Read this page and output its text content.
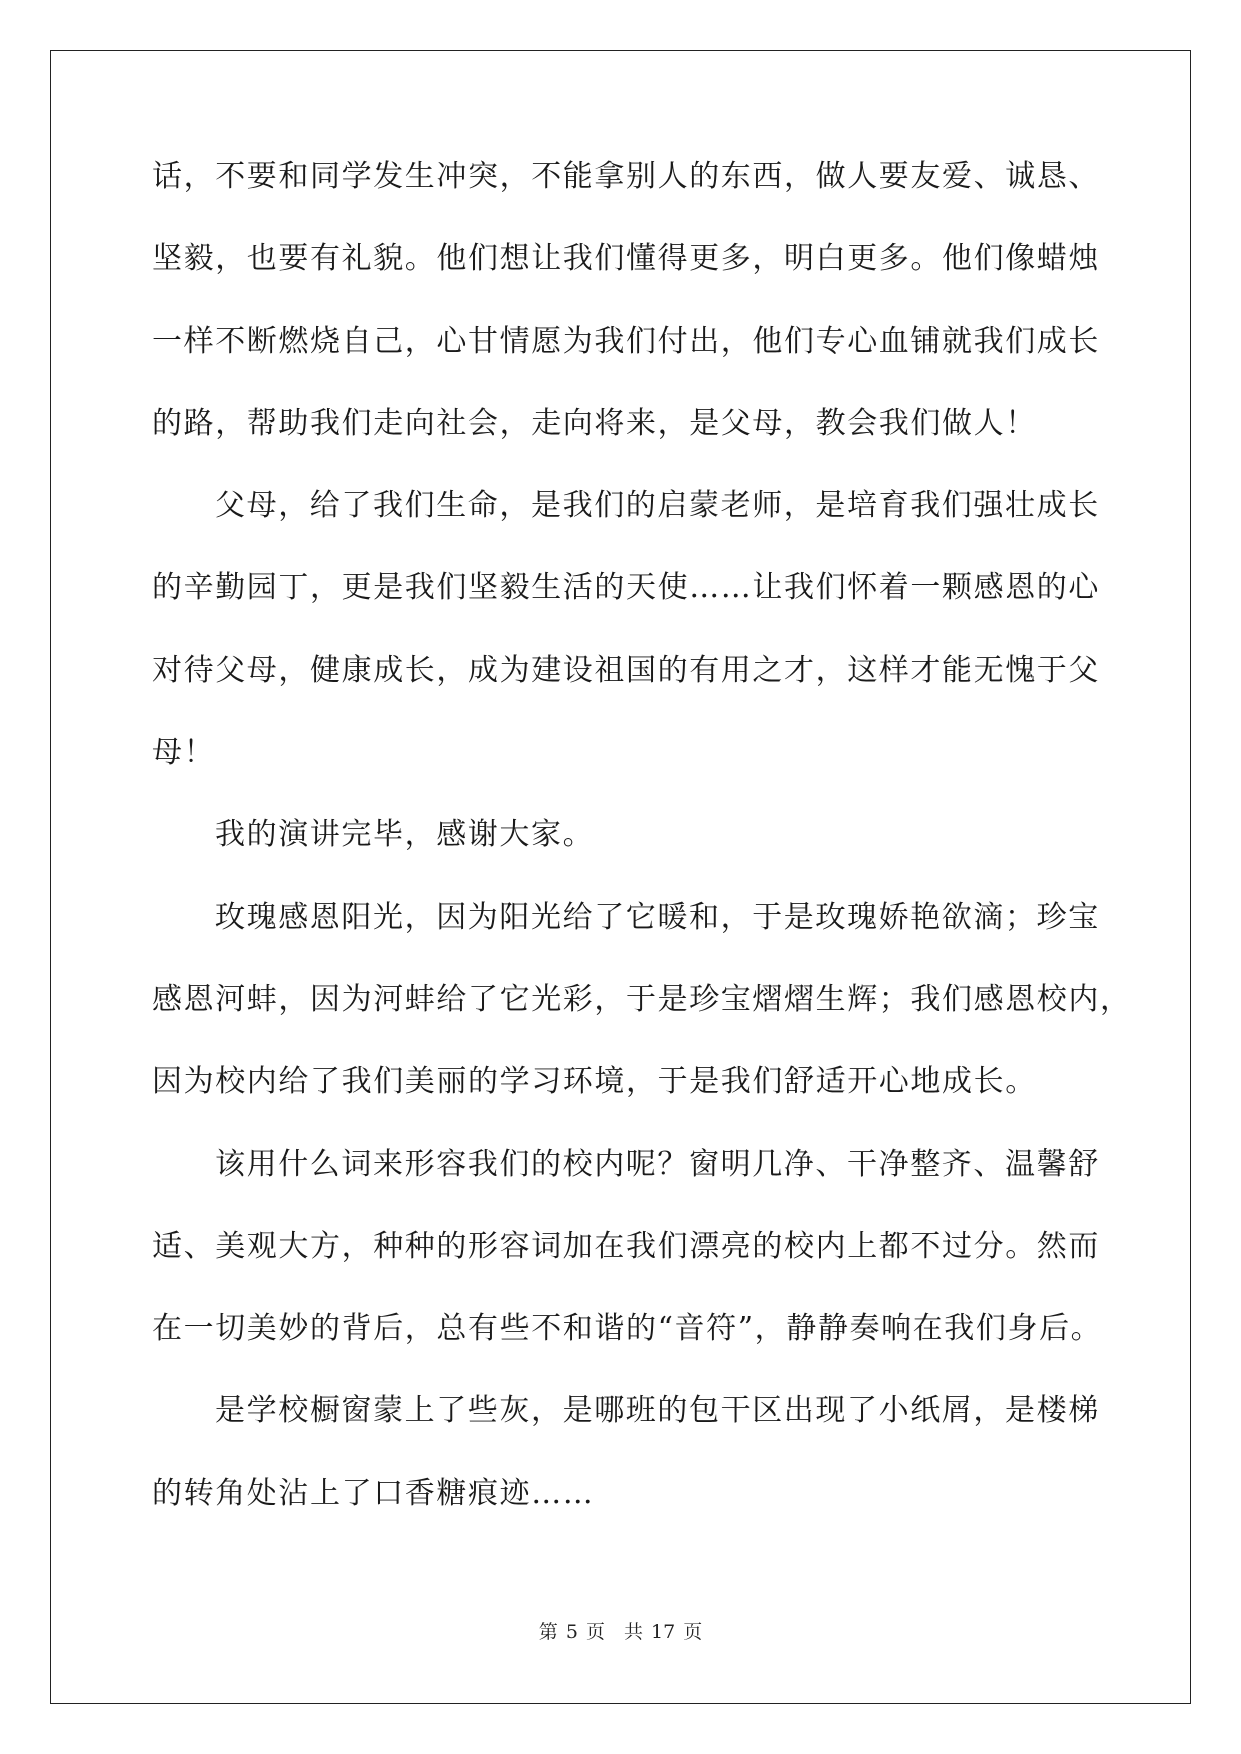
话，不要和同学发生冲突，不能拿别人的东西，做人要友爱、诚恳、
坚毅，也要有礼貌。他们想让我们懂得更多，明白更多。他们像蜡烛
一样不断燃烧自己，心甘情愿为我们付出，他们专心血铺就我们成长
的路，帮助我们走向社会，走向将来，是父母，教会我们做人！
父母，给了我们生命，是我们的启蒙老师，是培育我们强壮成长
的辛勤园丁，更是我们坚毅生活的天使……让我们怀着一颗感恩的心
对待父母，健康成长，成为建设祖国的有用之才，这样才能无愧于父
母！
我的演讲完毕，感谢大家。
玫瑰感恩阳光，因为阳光给了它暖和，于是玫瑰娇艳欲滴；珍宝
感恩河蚌，因为河蚌给了它光彩，于是珍宝熠熠生辉；我们感恩校内，
因为校内给了我们美丽的学习环境，于是我们舒适开心地成长。
该用什么词来形容我们的校内呢？窗明几净、干净整齐、温馨舒
适、美观大方，种种的形容词加在我们漂亮的校内上都不过分。然而
在一切美妙的背后，总有些不和谐的“音符”，静静奏响在我们身后。
是学校橱窗蒙上了些灰，是哪班的包干区出现了小纸屑，是楼梯
的转角处沾上了口香糖痕迹……
第 5 页　共 17 页
